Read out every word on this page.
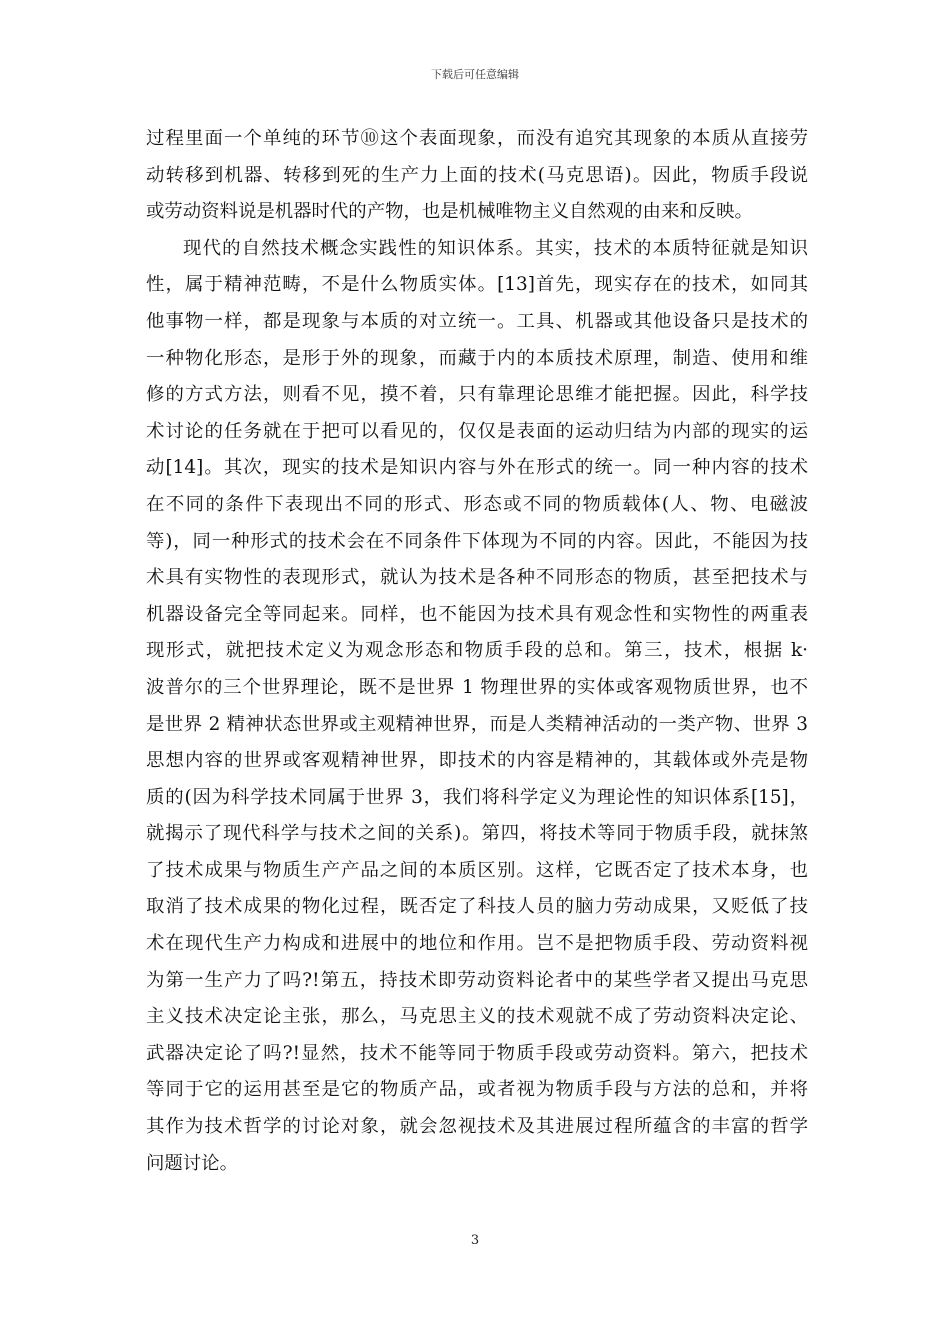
下载后可任意编辑
过程里面一个单纯的环节⑩这个表面现象，而没有追究其现象的本质从直接劳
动转移到机器、转移到死的生产力上面的技术(马克思语)。因此，物质手段说
或劳动资料说是机器时代的产物，也是机械唯物主义自然观的由来和反映。
现代的自然技术概念实践性的知识体系。其实，技术的本质特征就是知识
性，属于精神范畴，不是什么物质实体。[13]首先，现实存在的技术，如同其
他事物一样，都是现象与本质的对立统一。工具、机器或其他设备只是技术的
一种物化形态，是形于外的现象，而藏于内的本质技术原理，制造、使用和维
修的方式方法，则看不见，摸不着，只有靠理论思维才能把握。因此，科学技
术讨论的任务就在于把可以看见的，仅仅是表面的运动归结为内部的现实的运
动[14]。其次，现实的技术是知识内容与外在形式的统一。同一种内容的技术
在不同的条件下表现出不同的形式、形态或不同的物质载体(人、物、电磁波
等)，同一种形式的技术会在不同条件下体现为不同的内容。因此，不能因为技
术具有实物性的表现形式，就认为技术是各种不同形态的物质，甚至把技术与
机器设备完全等同起来。同样，也不能因为技术具有观念性和实物性的两重表
现形式，就把技术定义为观念形态和物质手段的总和。第三，技术，根据 k·
波普尔的三个世界理论，既不是世界 1 物理世界的实体或客观物质世界，也不
是世界 2 精神状态世界或主观精神世界，而是人类精神活动的一类产物、世界 3
思想内容的世界或客观精神世界，即技术的内容是精神的，其载体或外壳是物
质的(因为科学技术同属于世界 3，我们将科学定义为理论性的知识体系[15]，
就揭示了现代科学与技术之间的关系)。第四，将技术等同于物质手段，就抹煞
了技术成果与物质生产产品之间的本质区别。这样，它既否定了技术本身，也
取消了技术成果的物化过程，既否定了科技人员的脑力劳动成果，又贬低了技
术在现代生产力构成和进展中的地位和作用。岂不是把物质手段、劳动资料视
为第一生产力了吗?!第五，持技术即劳动资料论者中的某些学者又提出马克思
主义技术决定论主张，那么，马克思主义的技术观就不成了劳动资料决定论、
武器决定论了吗?!显然，技术不能等同于物质手段或劳动资料。第六，把技术
等同于它的运用甚至是它的物质产品，或者视为物质手段与方法的总和，并将
其作为技术哲学的讨论对象，就会忽视技术及其进展过程所蕴含的丰富的哲学
问题讨论。
3
